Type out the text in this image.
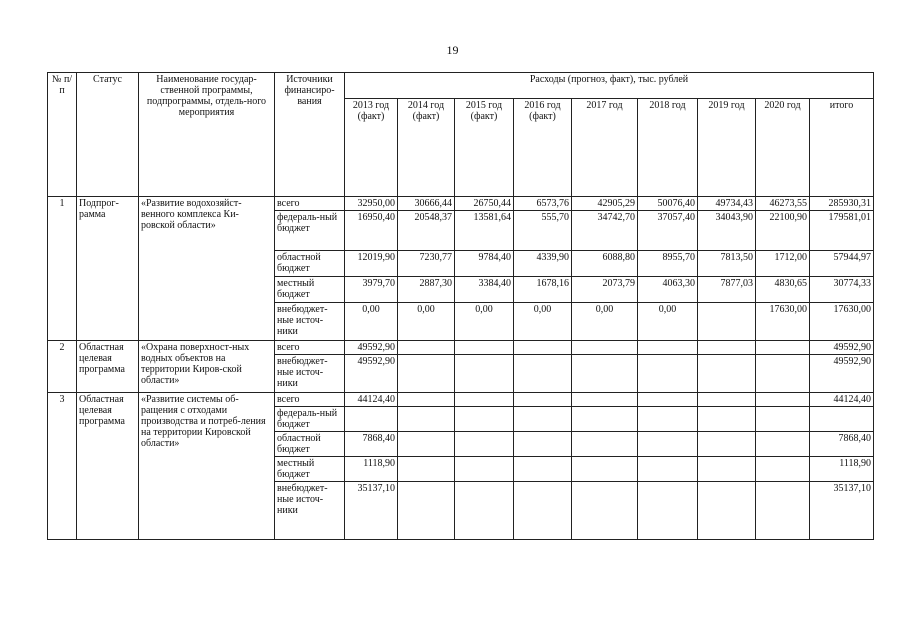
19
№ п/п	Статус	Наименование государ-ственной программы, подпрограммы, отдель-ного мероприятия	Источники финансиро-вания	Расходы (прогноз, факт), тыс. рублей								
				2013 год (факт)	2014 год (факт)	2015 год (факт)	2016 год (факт)	2017 год	2018 год	2019 год	2020 год	итого
1	Подпрог-рамма	«Развитие водохозяйст-венного комплекса Ки-ровской области»	всего	32950,00	30666,44	26750,44	6573,76	42905,29	50076,40	49734,43	46273,55	285930,31
			федераль-ный бюджет	16950,40	20548,37	13581,64	555,70	34742,70	37057,40	34043,90	22100,90	179581,01
			областной бюджет	12019,90	7230,77	9784,40	4339,90	6088,80	8955,70	7813,50	1712,00	57944,97
			местный бюджет	3979,70	2887,30	3384,40	1678,16	2073,79	4063,30	7877,03	4830,65	30774,33
			внебюджет-ные источ-ники	0,00	0,00	0,00	0,00	0,00	0,00		17630,00	17630,00
2	Областная целевая программа	«Охрана поверхност-ных водных объектов на территории Киров-ской области»	всего	49592,90								49592,90
			внебюджет-ные источ-ники	49592,90								49592,90
3	Областная целевая программа	«Развитие системы об-ращения с отходами производства и потреб-ления на территории Кировской области»	всего	44124,40								44124,40
			федераль-ный бюджет									
			областной бюджет	7868,40								7868,40
			местный бюджет	1118,90								1118,90
			внебюджет-ные источ-ники	35137,10								35137,10
